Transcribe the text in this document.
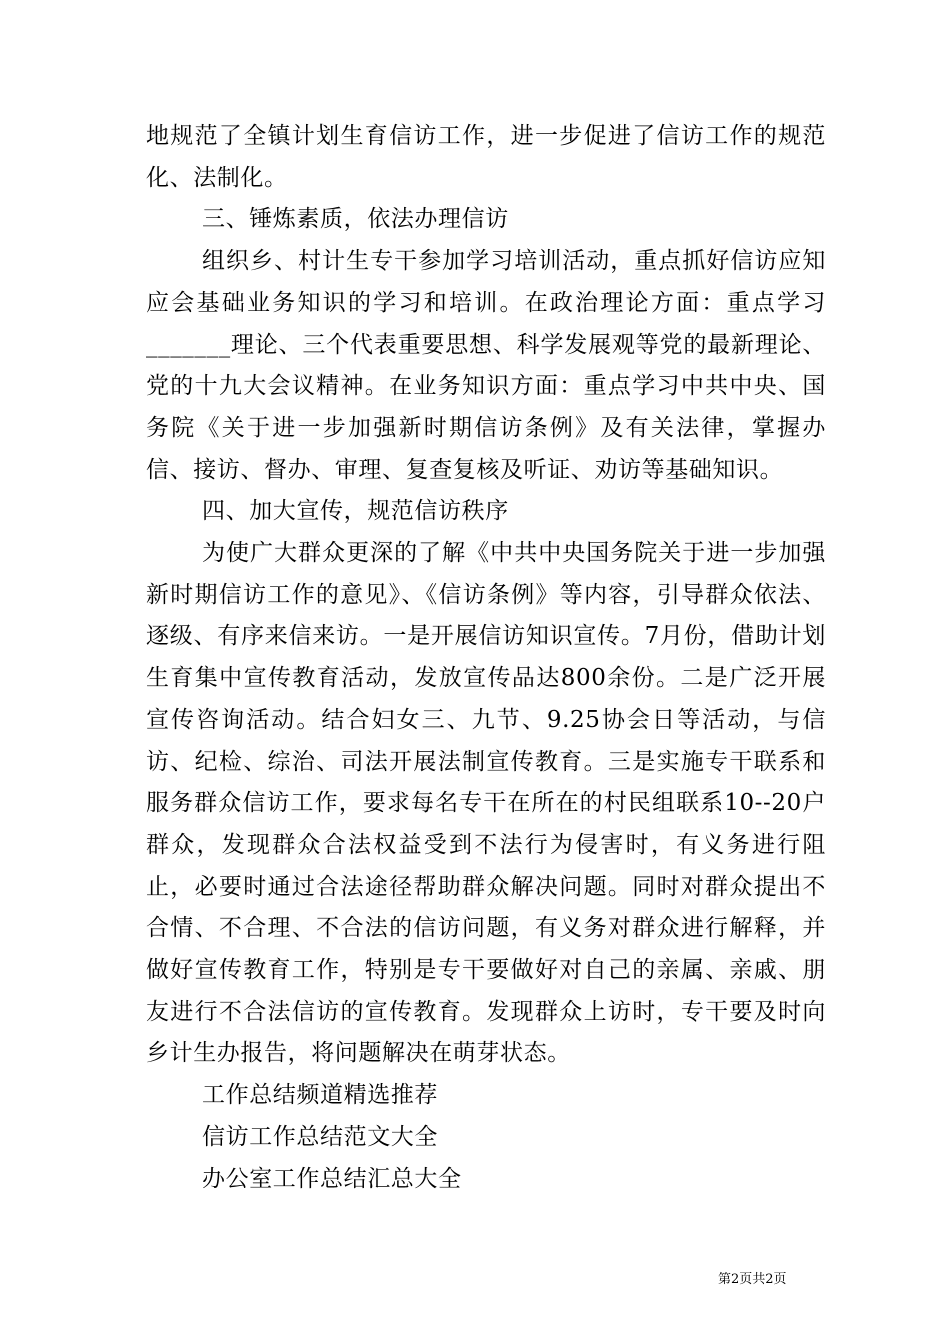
地规范了全镇计划生育信访工作，进一步促进了信访工作的规范化、法制化。

三、锤炼素质，依法办理信访

组织乡、村计生专干参加学习培训活动，重点抓好信访应知应会基础业务知识的学习和培训。在政治理论方面：重点学习_______理论、三个代表重要思想、科学发展观等党的最新理论、党的十九大会议精神。在业务知识方面：重点学习中共中央、国务院《关于进一步加强新时期信访条例》及有关法律，掌握办信、接访、督办、审理、复查复核及听证、劝访等基础知识。

四、加大宣传，规范信访秩序

为使广大群众更深的了解《中共中央国务院关于进一步加强新时期信访工作的意见》、《信访条例》等内容，引导群众依法、逐级、有序来信来访。一是开展信访知识宣传。7月份，借助计划生育集中宣传教育活动，发放宣传品达800余份。二是广泛开展宣传咨询活动。结合妇女三、九节、9.25协会日等活动，与信访、纪检、综治、司法开展法制宣传教育。三是实施专干联系和服务群众信访工作，要求每名专干在所在的村民组联系10--20户群众，发现群众合法权益受到不法行为侵害时，有义务进行阻止，必要时通过合法途径帮助群众解决问题。同时对群众提出不合情、不合理、不合法的信访问题，有义务对群众进行解释，并做好宣传教育工作，特别是专干要做好对自己的亲属、亲戚、朋友进行不合法信访的宣传教育。发现群众上访时，专干要及时向乡计生办报告，将问题解决在萌芽状态。

工作总结频道精选推荐

信访工作总结范文大全
办公室工作总结汇总大全
第2页共2页
